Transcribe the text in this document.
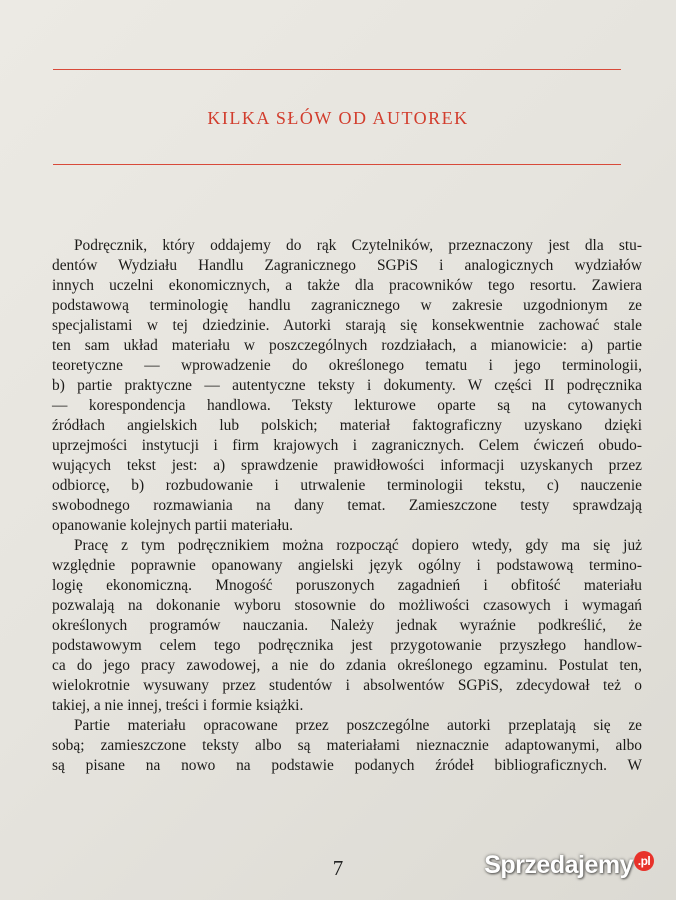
KILKA SŁÓW OD AUTOREK
Podręcznik, który oddajemy do rąk Czytelników, przeznaczony jest dla stu-
dentów Wydziału Handlu Zagranicznego SGPiS i analogicznych wydziałów
innych uczelni ekonomicznych, a także dla pracowników tego resortu. Zawiera
podstawową terminologię handlu zagranicznego w zakresie uzgodnionym ze
specjalistami w tej dziedzinie. Autorki starają się konsekwentnie zachować stale
ten sam układ materiału w poszczególnych rozdziałach, a mianowicie: a) partie
teoretyczne — wprowadzenie do określonego tematu i jego terminologii,
b) partie praktyczne — autentyczne teksty i dokumenty. W części II podręcznika
— korespondencja handlowa. Teksty lekturowe oparte są na cytowanych
źródłach angielskich lub polskich; materiał faktograficzny uzyskano dzięki
uprzejmości instytucji i firm krajowych i zagranicznych. Celem ćwiczeń obudo-
wujących tekst jest: a) sprawdzenie prawidłowości informacji uzyskanych przez
odbiorcę, b) rozbudowanie i utrwalenie terminologii tekstu, c) nauczenie
swobodnego rozmawiania na dany temat. Zamieszczone testy sprawdzają
opanowanie kolejnych partii materiału.
Pracę z tym podręcznikiem można rozpocząć dopiero wtedy, gdy ma się już
względnie poprawnie opanowany angielski język ogólny i podstawową termino-
logię ekonomiczną. Mnogość poruszonych zagadnień i obfitość materiału
pozwalają na dokonanie wyboru stosownie do możliwości czasowych i wymagań
określonych programów nauczania. Należy jednak wyraźnie podkreślić, że
podstawowym celem tego podręcznika jest przygotowanie przyszłego handlow-
ca do jego pracy zawodowej, a nie do zdania określonego egzaminu. Postulat ten,
wielokrotnie wysuwany przez studentów i absolwentów SGPiS, zdecydował też o
takiej, a nie innej, treści i formie książki.
Partie materiału opracowane przez poszczególne autorki przeplatają się ze
sobą; zamieszczone teksty albo są materiałami nieznacznie adaptowanymi, albo
są pisane na nowo na podstawie podanych źródeł bibliograficznych. W
7	Sprzedajemy .pl
